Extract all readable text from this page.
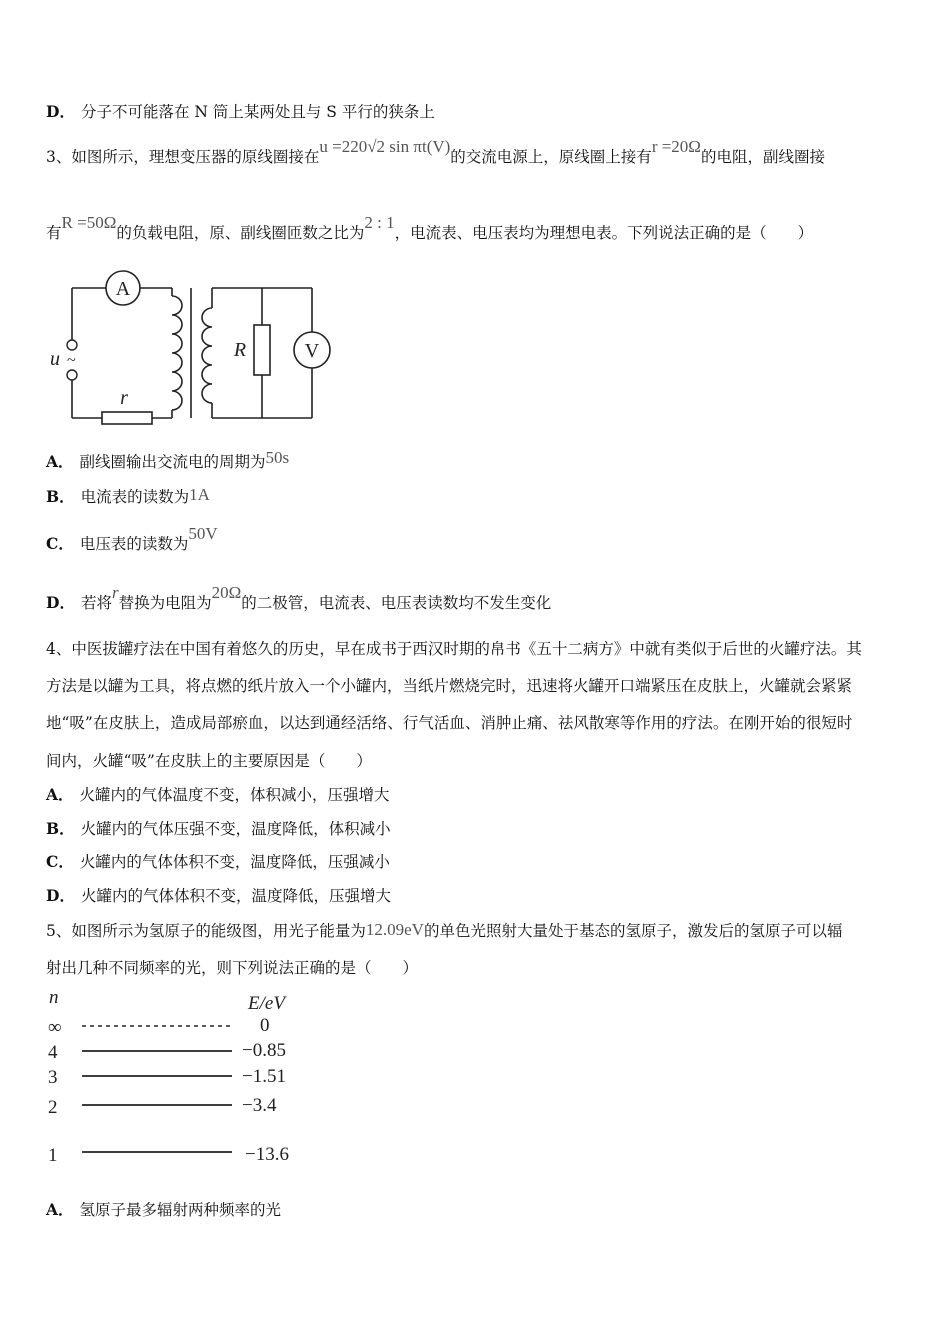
D． 分子不可能落在 N 筒上某两处且与 S 平行的狭条上
3、如图所示，理想变压器的原线圈接在u =220√2 sin πt(V)的交流电源上，原线圈上接有r =20Ω的电阻，副线圈接
有R =50Ω的负载电阻，原、副线圈匝数之比为2 : 1，电流表、电压表均为理想电表。下列说法正确的是（　　）
A
u ~
r
R	V
A． 副线圈输出交流电的周期为50s
B． 电流表的读数为1A
C． 电压表的读数为50V
D． 若将r替换为电阻为20Ω的二极管，电流表、电压表读数均不发生变化
4、中医拔罐疗法在中国有着悠久的历史，早在成书于西汉时期的帛书《五十二病方》中就有类似于后世的火罐疗法。其
方法是以罐为工具，将点燃的纸片放入一个小罐内，当纸片燃烧完时，迅速将火罐开口端紧压在皮肤上，火罐就会紧紧
地“吸”在皮肤上，造成局部瘀血，以达到通经活络、行气活血、消肿止痛、祛风散寒等作用的疗法。在刚开始的很短时
间内，火罐“吸”在皮肤上的主要原因是（　　）
A． 火罐内的气体温度不变，体积减小，压强增大
B． 火罐内的气体压强不变，温度降低，体积减小
C． 火罐内的气体体积不变，温度降低，压强减小
D． 火罐内的气体体积不变，温度降低，压强增大
5、如图所示为氢原子的能级图，用光子能量为12.09eV的单色光照射大量处于基态的氢原子，激发后的氢原子可以辐
射出几种不同频率的光，则下列说法正确的是（　　）
n	E/eV
∞	0
4	−0.85
3	−1.51
2	−3.4
1	−13.6
A． 氢原子最多辐射两种频率的光
